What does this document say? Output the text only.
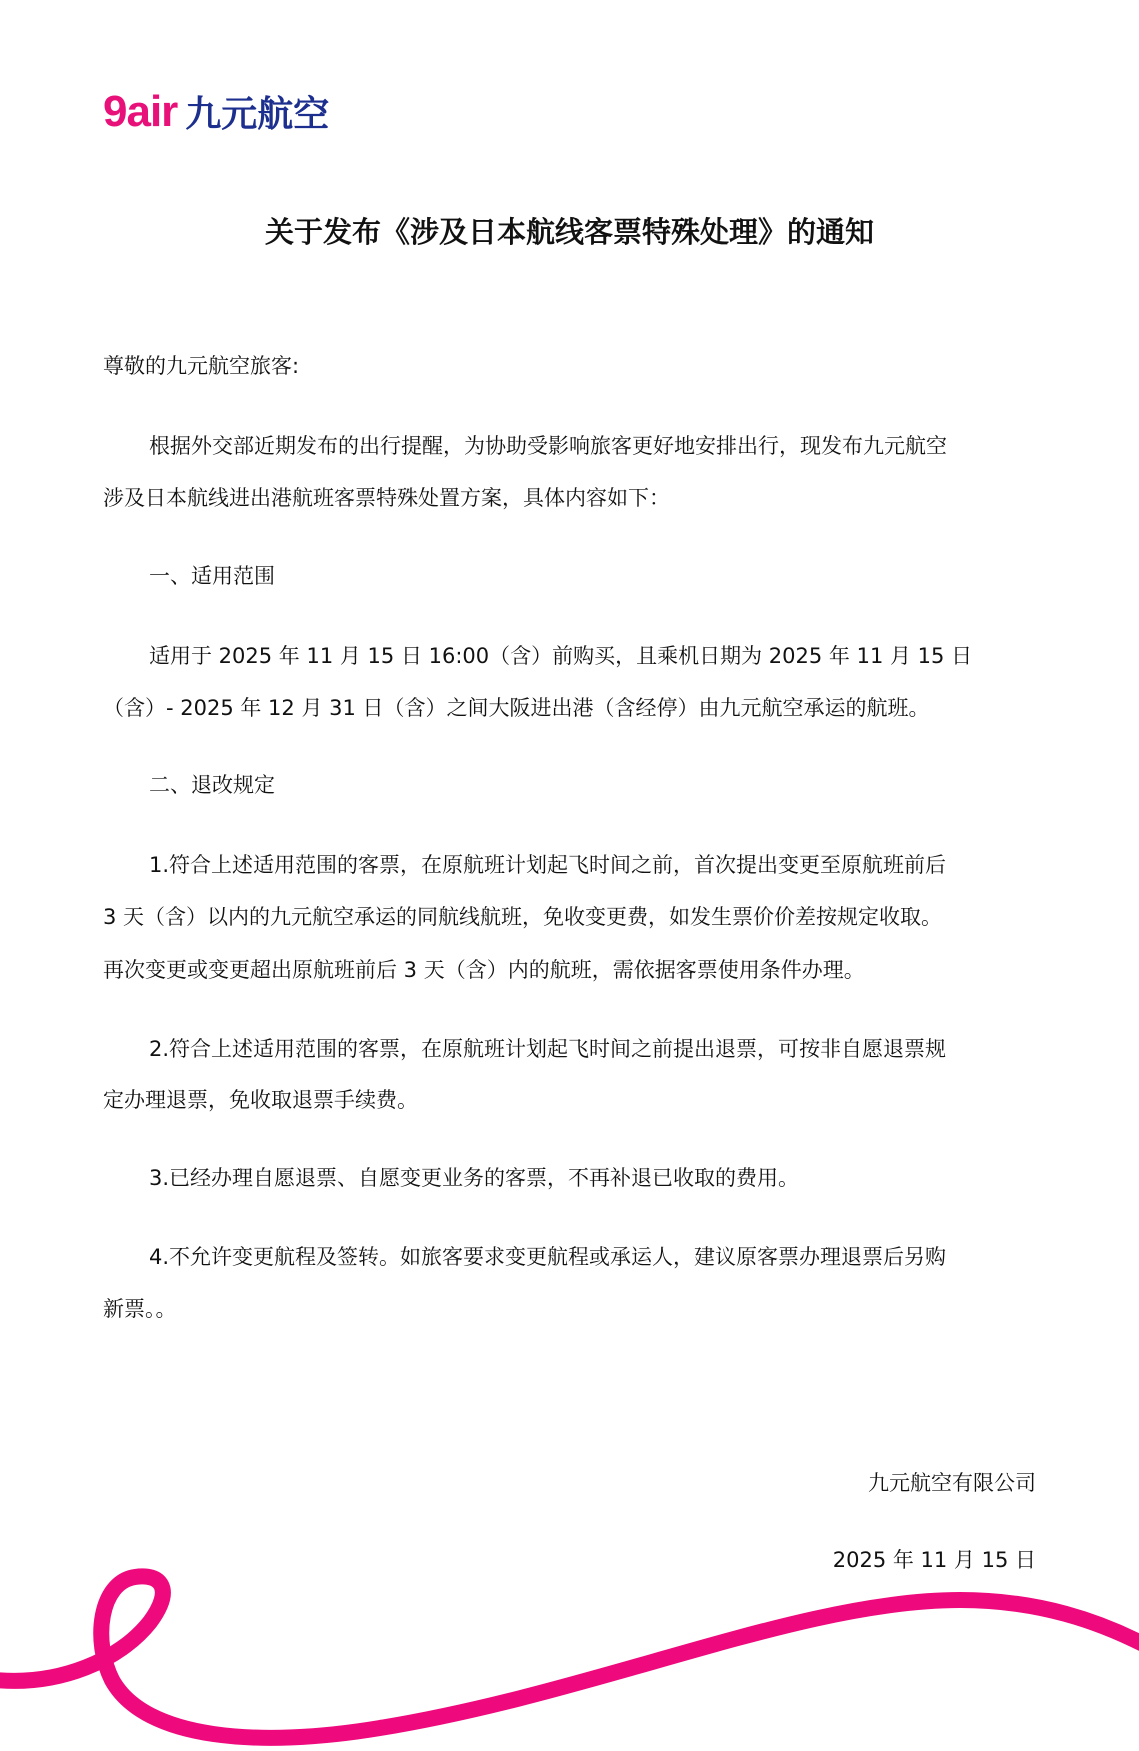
9air 九元航空
关于发布《涉及日本航线客票特殊处理》的通知
尊敬的九元航空旅客:
根据外交部近期发布的出行提醒，为协助受影响旅客更好地安排出行，现发布九元航空
涉及日本航线进出港航班客票特殊处置方案，具体内容如下：
一、适用范围
适用于 2025 年 11 月 15 日 16:00（含）前购买，且乘机日期为 2025 年 11 月 15 日
（含）- 2025 年 12 月 31 日（含）之间大阪进出港（含经停）由九元航空承运的航班。
二、退改规定
1.符合上述适用范围的客票，在原航班计划起飞时间之前，首次提出变更至原航班前后
3 天（含）以内的九元航空承运的同航线航班，免收变更费，如发生票价价差按规定收取。
再次变更或变更超出原航班前后 3 天（含）内的航班，需依据客票使用条件办理。
2.符合上述适用范围的客票，在原航班计划起飞时间之前提出退票，可按非自愿退票规
定办理退票，免收取退票手续费。
3.已经办理自愿退票、自愿变更业务的客票，不再补退已收取的费用。
4.不允许变更航程及签转。如旅客要求变更航程或承运人，建议原客票办理退票后另购
新票。。
九元航空有限公司
2025 年 11 月 15 日
